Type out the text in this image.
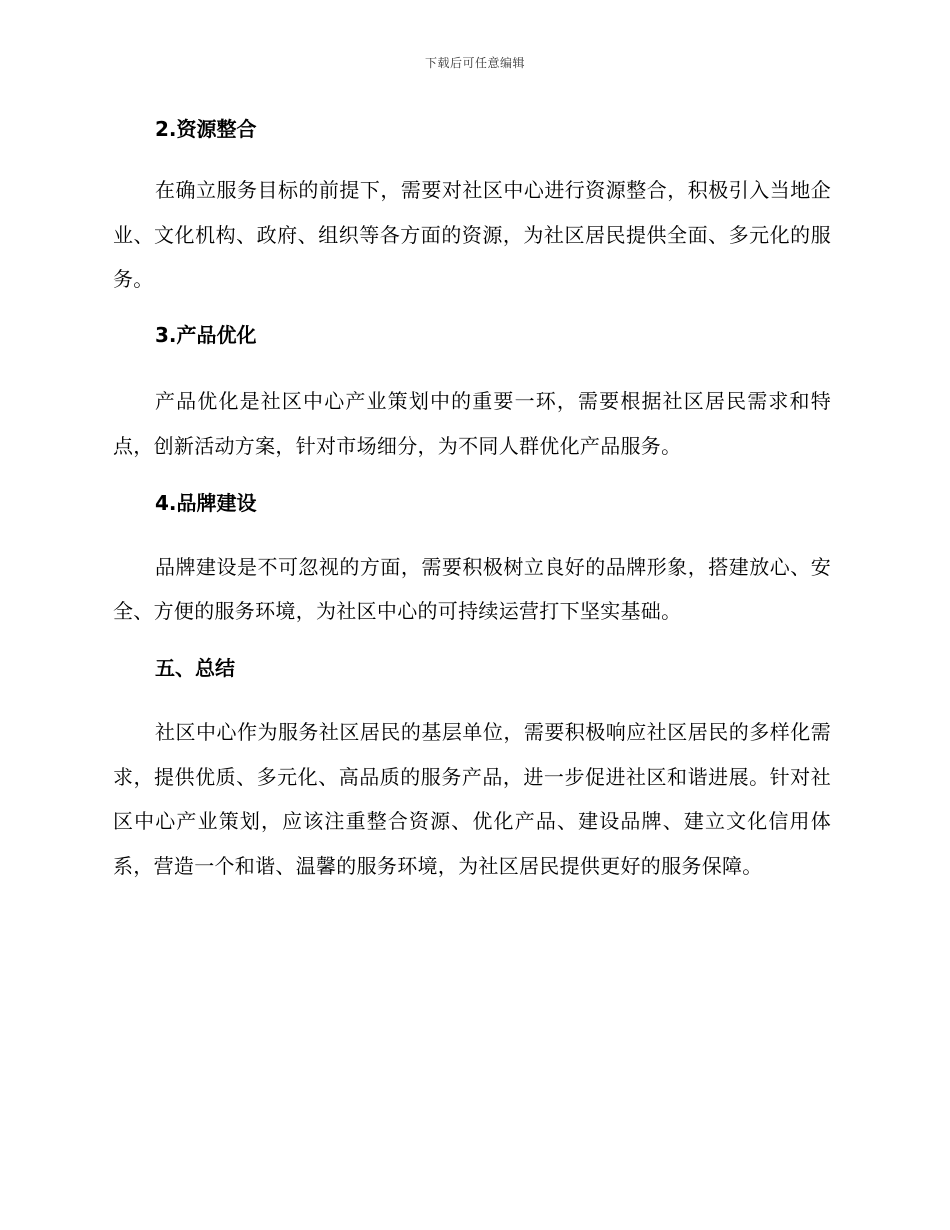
下载后可任意编辑
2.资源整合

在确立服务目标的前提下，需要对社区中心进行资源整合，积极引入当地企业、文化机构、政府、组织等各方面的资源，为社区居民提供全面、多元化的服务。

3.产品优化

产品优化是社区中心产业策划中的重要一环，需要根据社区居民需求和特点，创新活动方案，针对市场细分，为不同人群优化产品服务。

4.品牌建设

品牌建设是不可忽视的方面，需要积极树立良好的品牌形象，搭建放心、安全、方便的服务环境，为社区中心的可持续运营打下坚实基础。

五、总结

社区中心作为服务社区居民的基层单位，需要积极响应社区居民的多样化需求，提供优质、多元化、高品质的服务产品，进一步促进社区和谐进展。针对社区中心产业策划，应该注重整合资源、优化产品、建设品牌、建立文化信用体系，营造一个和谐、温馨的服务环境，为社区居民提供更好的服务保障。
